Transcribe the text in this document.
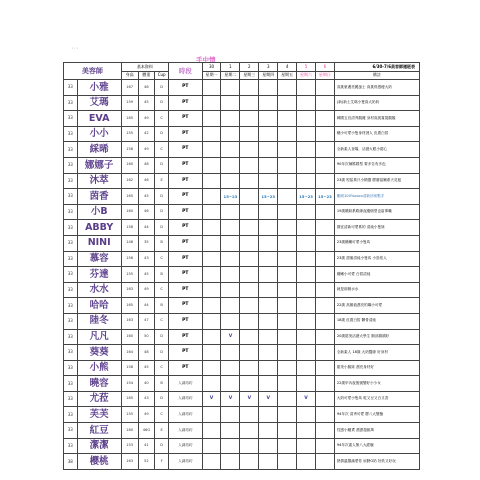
' ' '
手中情
美容師		基本資料			時段	30	1	2	3	4	5	6	6/30-7/6美容師週班表
		身高	體重	Cup		星期一	星期二	星期三	星期四	星期五	星期六	星期日	備註
33	小雅	167	46	D	PT								高挑豪邁亮麗風士 高挑骨感瘦大奶
33	艾瑪	159	45	D	PT								(新)新土艾瑪小隻高大奶奶
33	EVA	165	49	C	PT								韓國五官清秀靚麗 身材高挑賞賞靚靚
33	小小	155	42	D	PT								穗小可愛小隻身材誘人 皮膚白皙
33	綵晞	158	49	C	PT								全新素人登場，活潑大眼小甜心
33	娜娜子	160	48	D	PT								90年次辣媽媽型 要多告有多色
33	沐萃	162	46	E	PT								23歲 短髮系只小精靈 膠磨當嫩系天花板
33	茵香	165	45	D	PT		15~23		15~23		15~23	15~23	剛到100%ooxx清新回來點手
33	小B	160	46	D	PT								19歲嬌妹系路線直蹤個型也當專職
33	ABBY	158	44	D	PT								靜宜清新可愛系的 清純小隻妹
33	NINI	148	35	B	PT								23歲嬌嫩可愛小隻馬
33	慕容	156	43	C	PT								23歲 甜蜜清純小隻馬 小鳥依人
33	芬達	155	45	B	PT								嬌嫩小可愛 白皙清純
33	水水	163	49	C	PT								就是那個水水
33	哈哈	165	44	B	PT								22歲 高顏值漂亮的鄰小可愛
33	陸冬	163	47	C	PT								18歲 皮膚白皙 髒骨清純
33	凡凡	160	50	D	PT		V						20歲甜美活潑大學生 胸部韻韻好
33	葵葵	164	48	D	PT								全新素人 18歲 大奶醫緣 好身材
33	小熊	158	45	C	PT								甜美小臉妹 漂亮身材好
33	曉容	154	40	B	人調再約								22歲甲內夜後號變好小少女
33	尤菈	165	43	D	人調再約	V	V	V	V		V		大奶可愛小隻馬 乾又豆又白又香
33	芙芙	155	49	C	人調再約								94年次 清秀可愛 膠八大變態
33	紅豆	160	46G	E	人調再約								性感小騷貨 漂漂超級萬
33	潔潔	153	41	D	人調再約								94年次素人無八大經驗
38	櫻桃	163	52	F	人調再約								熱情溫馨滿愛你 肩膀G奶 好妖又好玩
